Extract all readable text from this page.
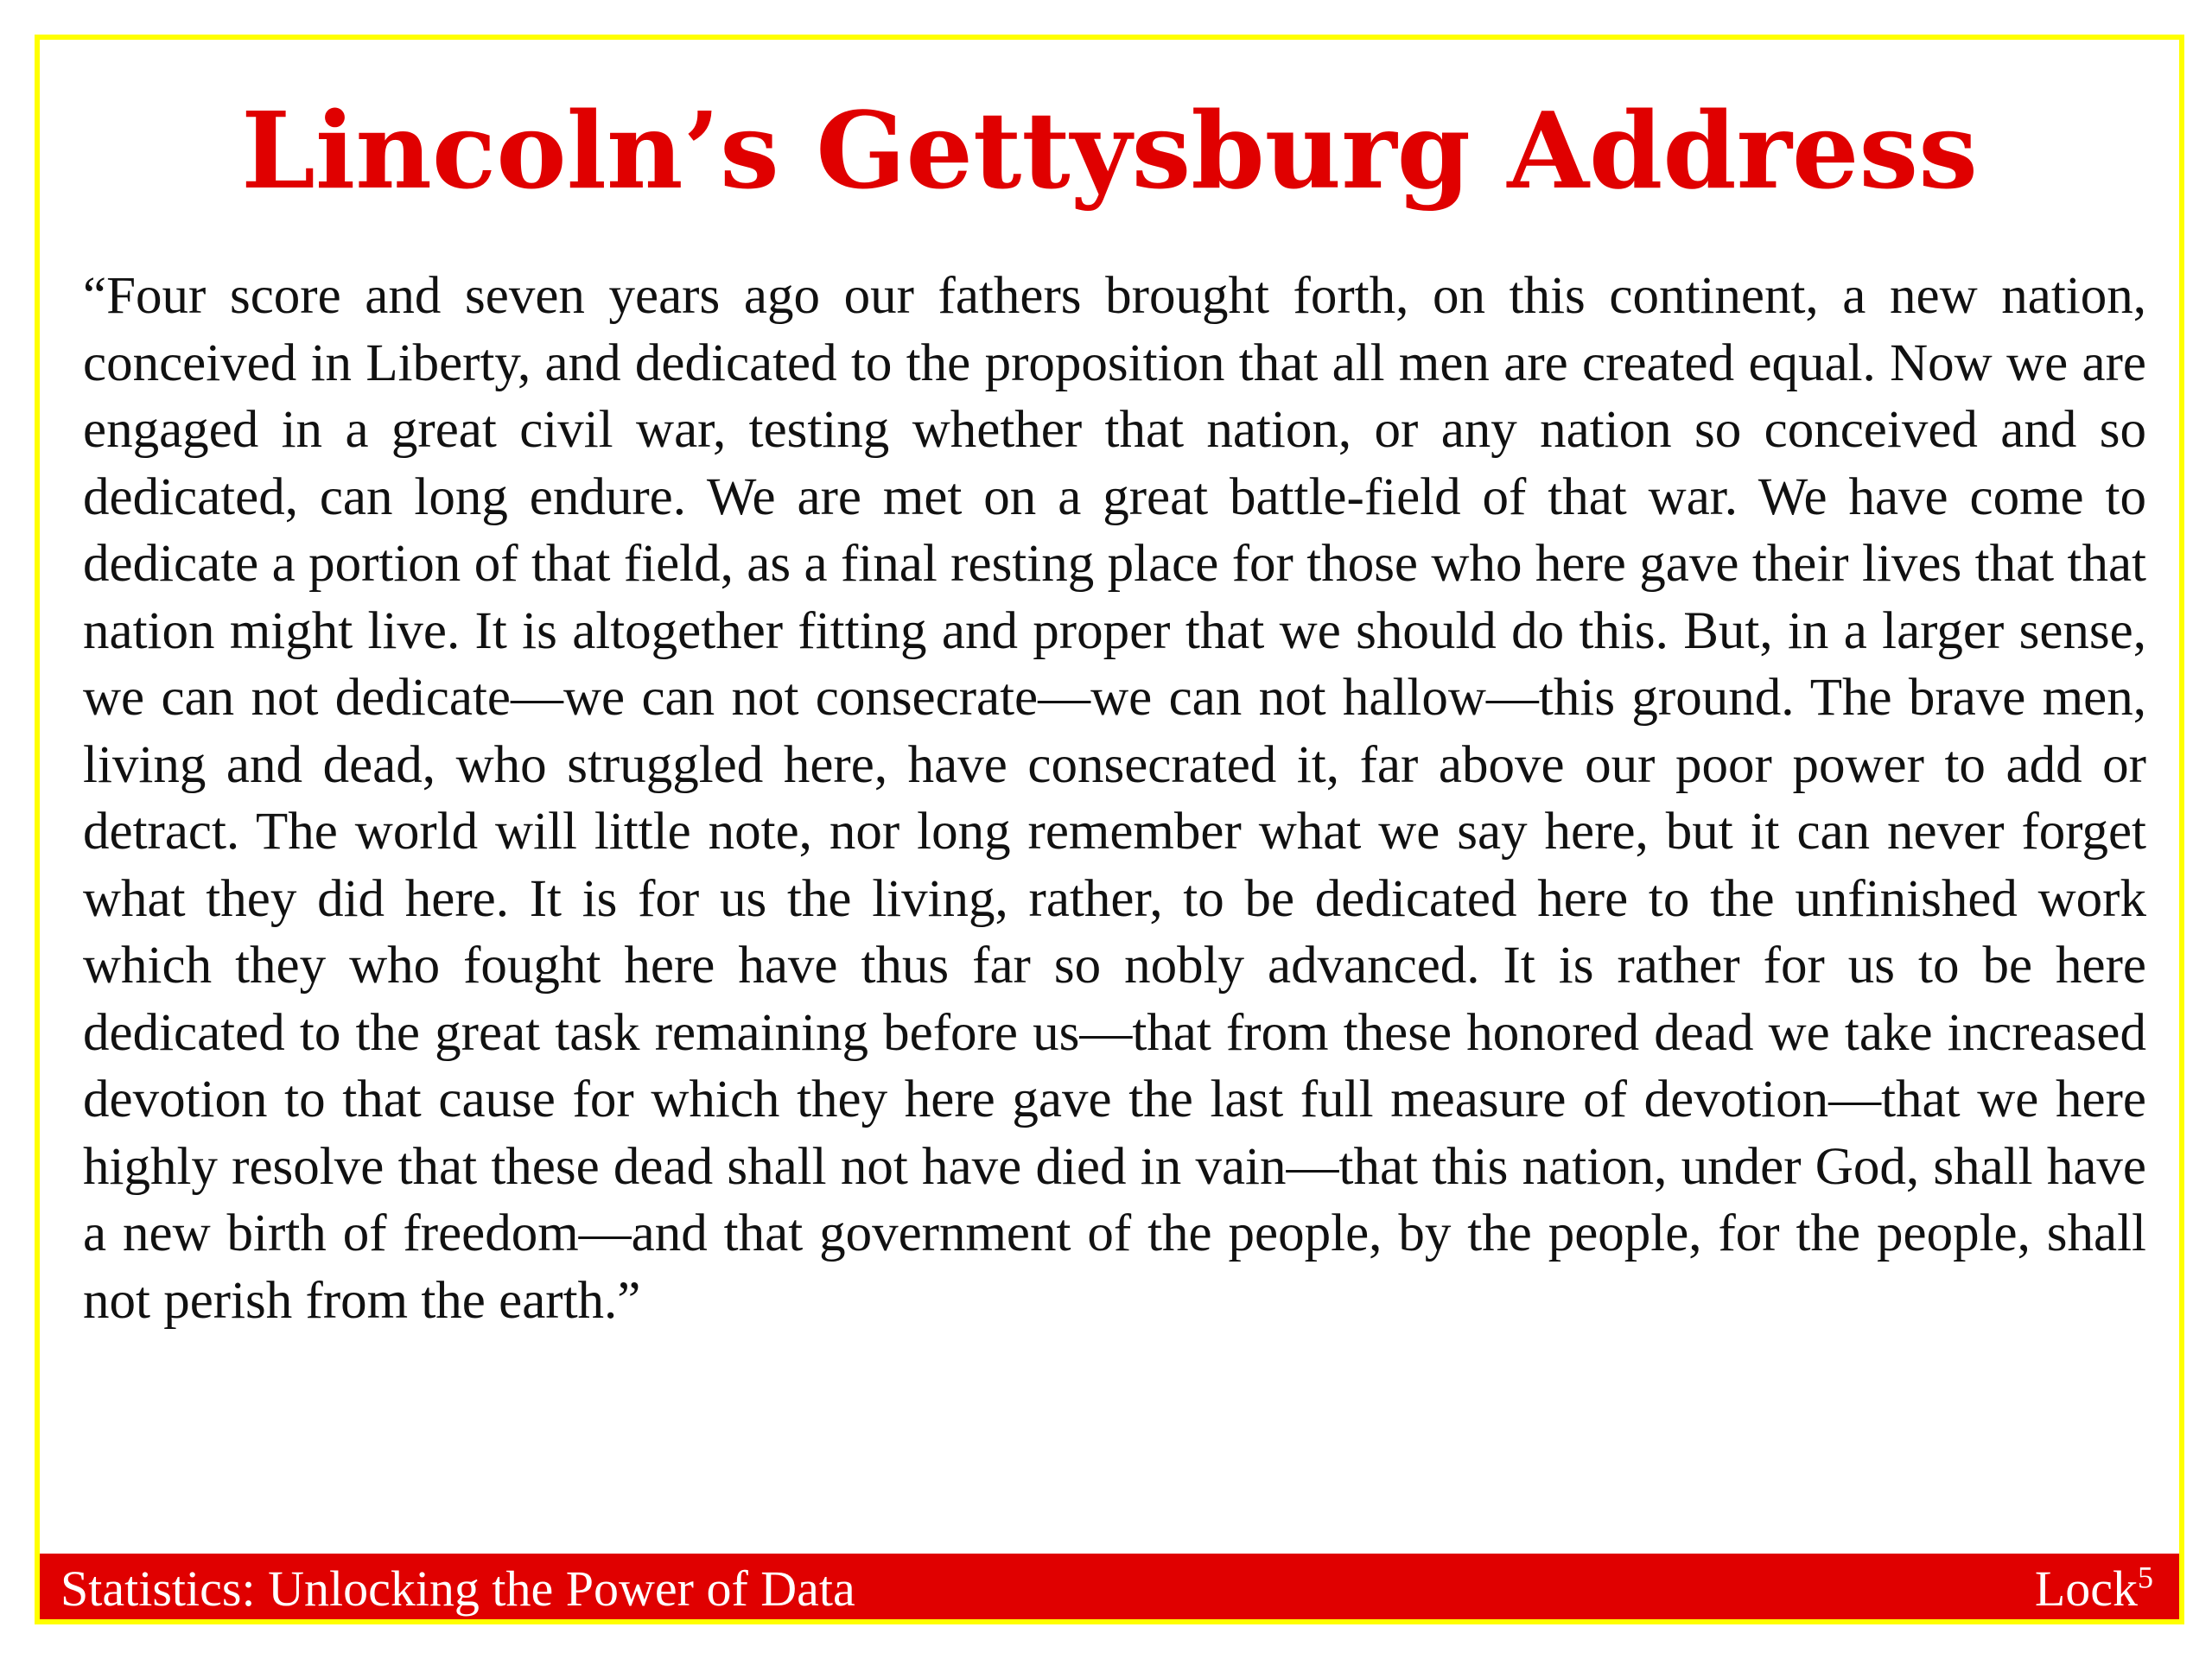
Lincoln’s Gettysburg Address

“Four score and seven years ago our fathers brought forth, on this continent, a new nation, conceived in Liberty, and dedicated to the proposition that all men are created equal. Now we are engaged in a great civil war, testing whether that nation, or any nation so conceived and so dedicated, can long endure. We are met on a great battle-field of that war. We have come to dedicate a portion of that field, as a final resting place for those who here gave their lives that that nation might live. It is altogether fitting and proper that we should do this. But, in a larger sense, we can not dedicate—we can not consecrate—we can not hallow—this ground. The brave men, living and dead, who struggled here, have consecrated it, far above our poor power to add or detract. The world will little note, nor long remember what we say here, but it can never forget what they did here. It is for us the living, rather, to be dedicated here to the unfinished work which they who fought here have thus far so nobly advanced. It is rather for us to be here dedicated to the great task remaining before us—that from these honored dead we take increased devotion to that cause for which they here gave the last full measure of devotion—that we here highly resolve that these dead shall not have died in vain—that this nation, under God, shall have a new birth of freedom—and that government of the people, by the people, for the people, shall not perish from the earth.”

Statistics: Unlocking the Power of Data	Lock$^5$
